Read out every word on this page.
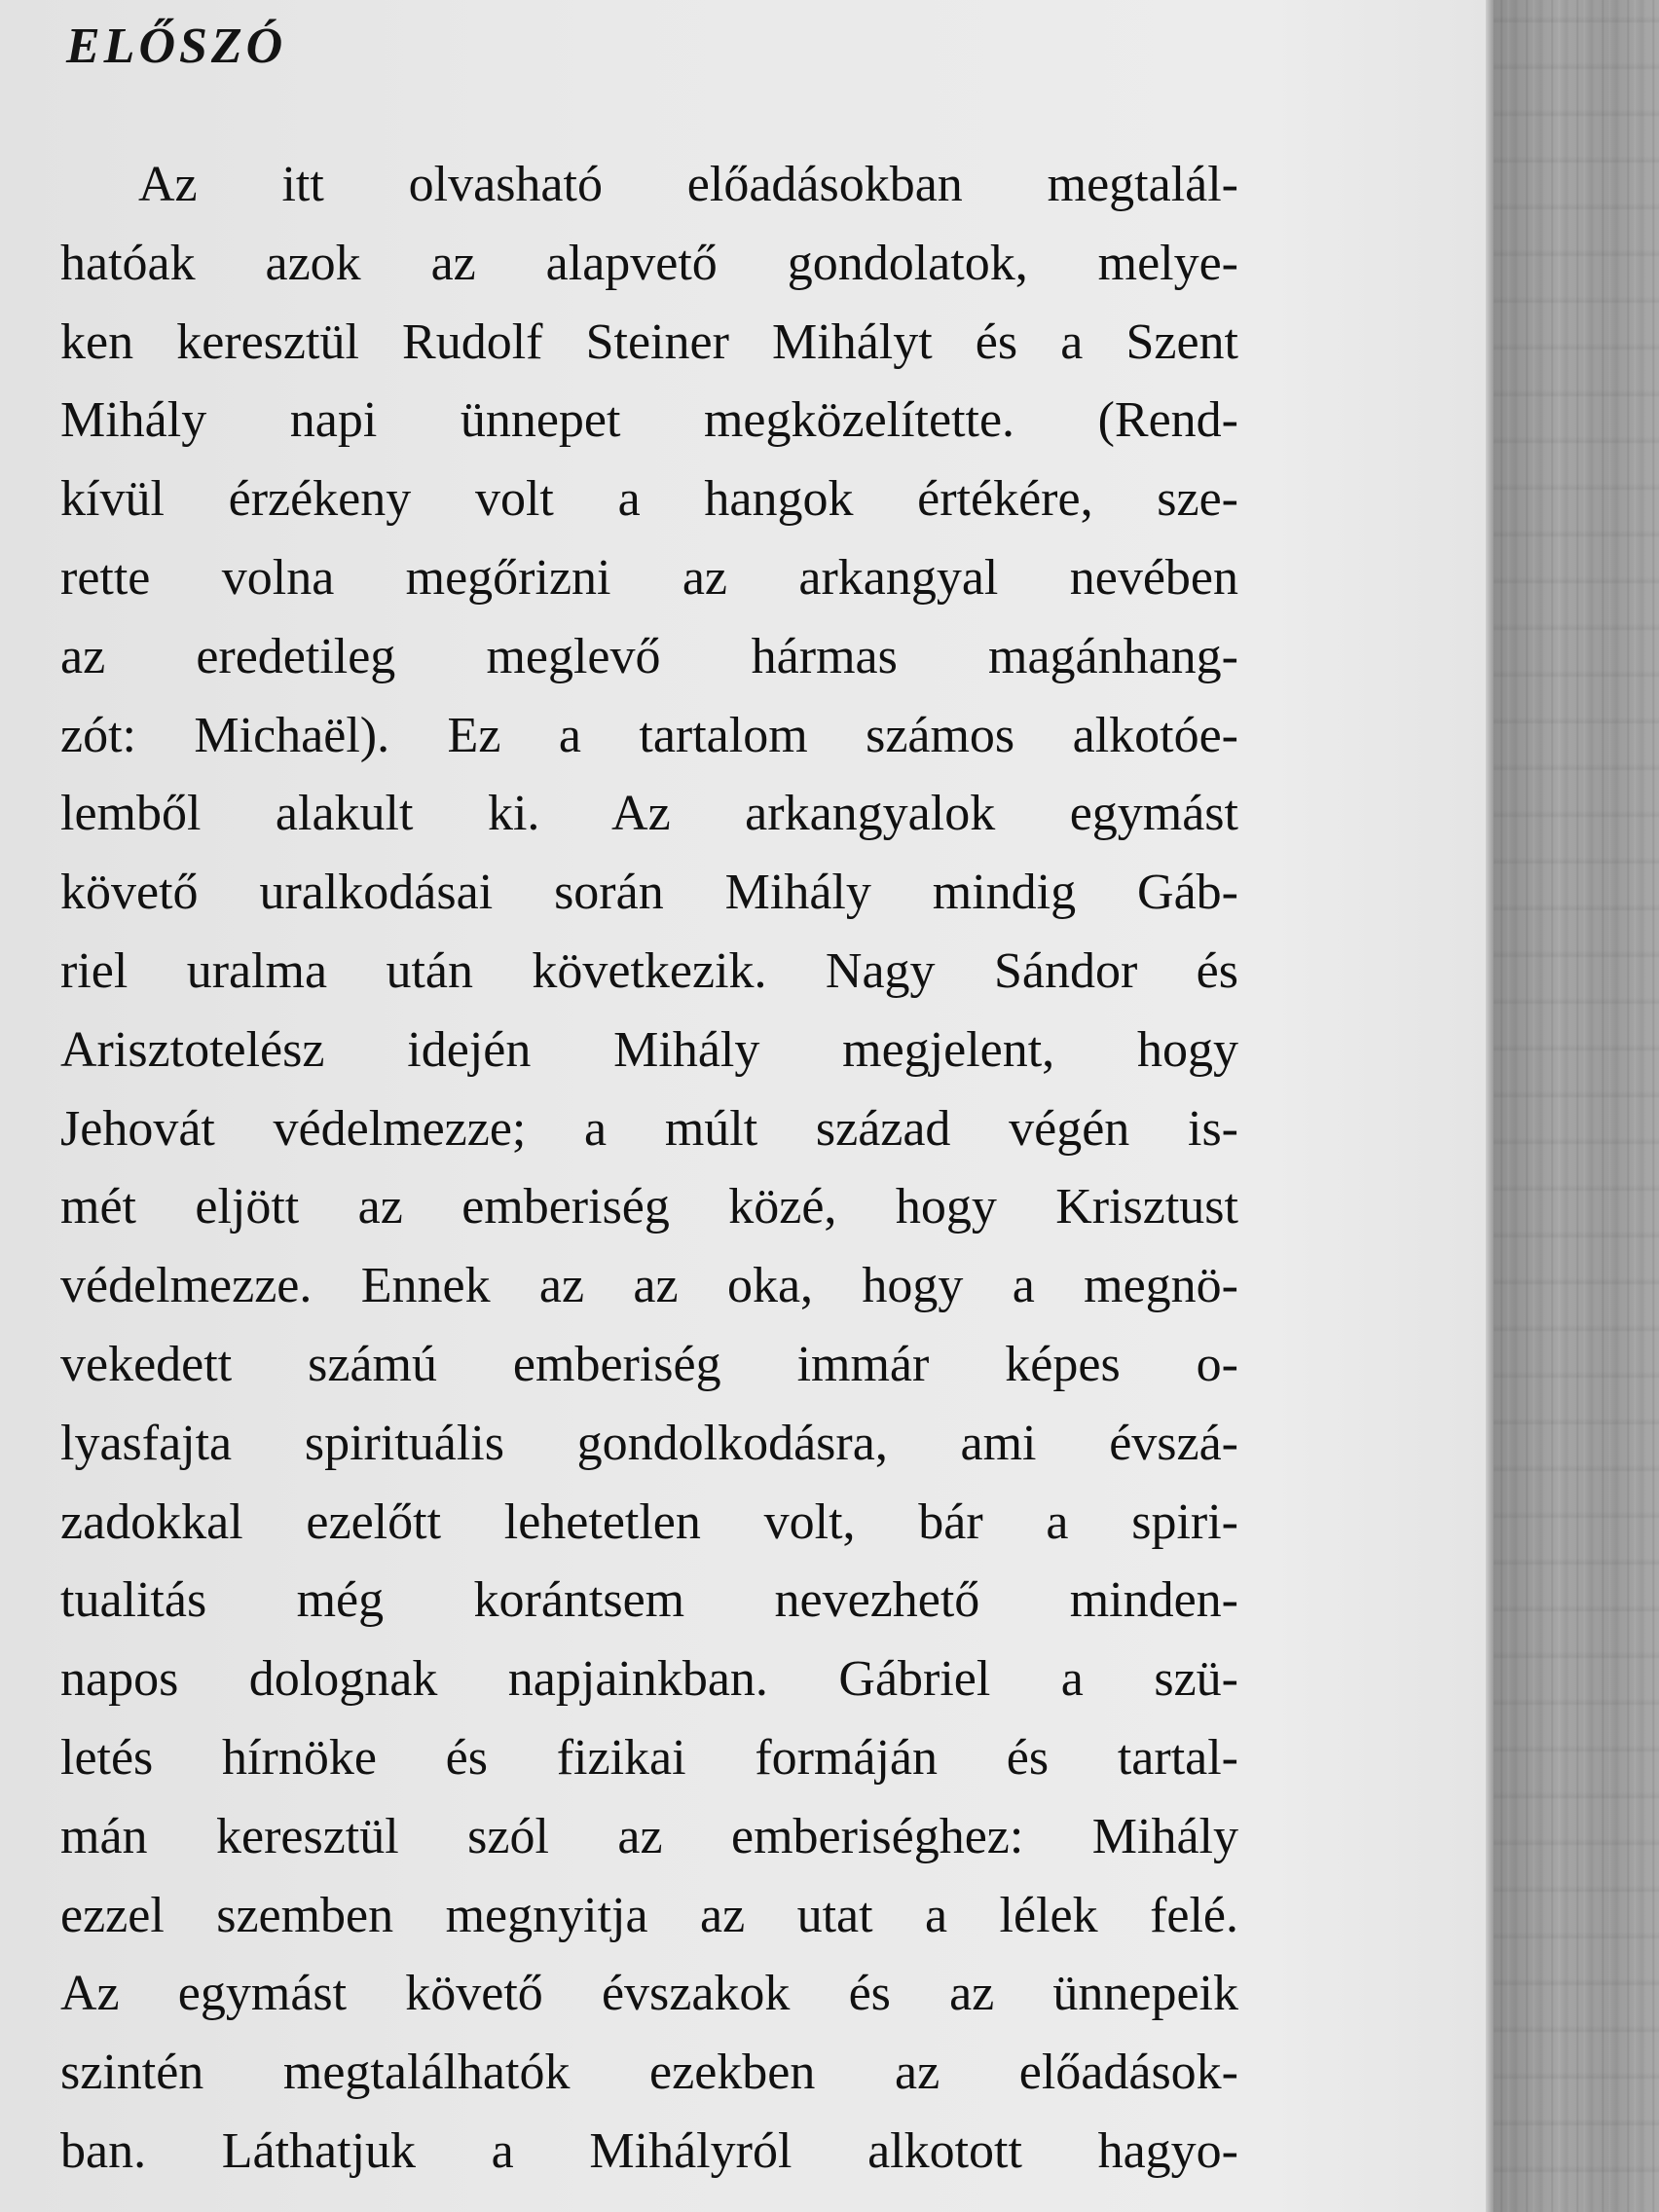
ELŐSZÓ
Az itt olvasható előadásokban megtalál-
hatóak azok az alapvető gondolatok, melye-
ken keresztül Rudolf Steiner Mihályt és a Szent
Mihály napi ünnepet megközelítette. (Rend-
kívül érzékeny volt a hangok értékére, sze-
rette volna megőrizni az arkangyal nevében
az eredetileg meglevő hármas magánhang-
zót: Michaël). Ez a tartalom számos alkotóe-
lemből alakult ki. Az arkangyalok egymást
követő uralkodásai során Mihály mindig Gáb-
riel uralma után következik. Nagy Sándor és
Arisztotelész idején Mihály megjelent, hogy
Jehovát védelmezze; a múlt század végén is-
mét eljött az emberiség közé, hogy Krisztust
védelmezze. Ennek az az oka, hogy a megnö-
vekedett számú emberiség immár képes o-
lyasfajta spirituális gondolkodásra, ami évszá-
zadokkal ezelőtt lehetetlen volt, bár a spiri-
tualitás még korántsem nevezhető minden-
napos dolognak napjainkban. Gábriel a szü-
letés hírnöke és fizikai formáján és tartal-
mán keresztül szól az emberiséghez: Mihály
ezzel szemben megnyitja az utat a lélek felé.
Az egymást követő évszakok és az ünnepeik
szintén megtalálhatók ezekben az előadások-
ban. Láthatjuk a Mihályról alkotott hagyo-
